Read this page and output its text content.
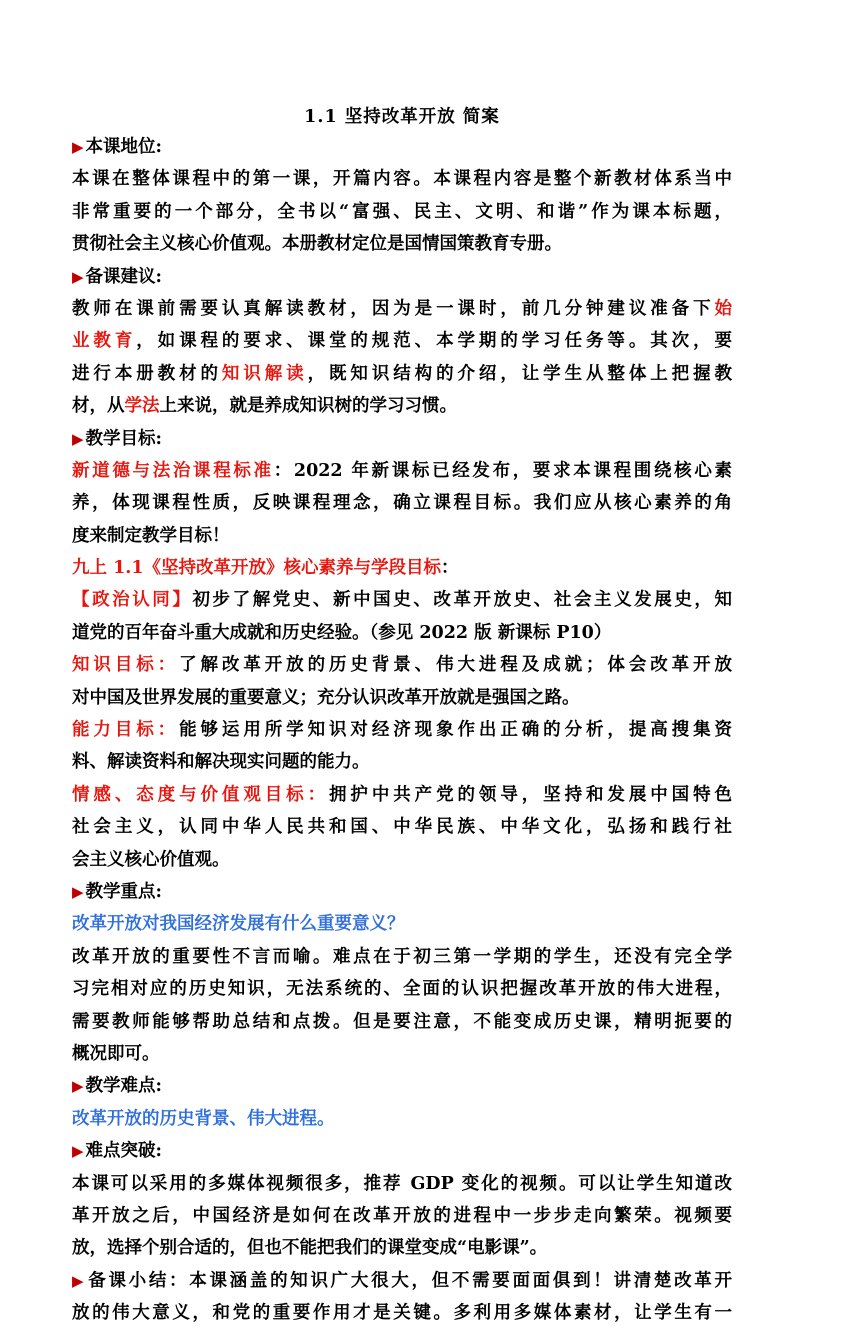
1.1 坚持改革开放 简案
▶ 本课地位:
本课在整体课程中的第一课，开篇内容。本课程内容是整个新教材体系当中
非常重要的一个部分，全书以“富强、民主、文明、和谐”作为课本标题，
贯彻社会主义核心价值观。本册教材定位是国情国策教育专册。
▶ 备课建议:
教师在课前需要认真解读教材，因为是一课时，前几分钟建议准备下始
业教育，如课程的要求、课堂的规范、本学期的学习任务等。其次，要
进行本册教材的知识解读，既知识结构的介绍，让学生从整体上把握教
材，从学法上来说，就是养成知识树的学习习惯。
▶ 教学目标:
新道德与法治课程标准：2022 年新课标已经发布，要求本课程围绕核心素
养，体现课程性质，反映课程理念，确立课程目标。我们应从核心素养的角
度来制定教学目标！
九上 1.1《坚持改革开放》核心素养与学段目标：
【政治认同】初步了解党史、新中国史、改革开放史、社会主义发展史，知
道党的百年奋斗重大成就和历史经验。（参见 2022 版 新课标 P10）
知识目标：了解改革开放的历史背景、伟大进程及成就；体会改革开放
对中国及世界发展的重要意义；充分认识改革开放就是强国之路。
能力目标：能够运用所学知识对经济现象作出正确的分析，提高搜集资
料、解读资料和解决现实问题的能力。
情感、态度与价值观目标：拥护中共产党的领导，坚持和发展中国特色
社会主义，认同中华人民共和国、中华民族、中华文化，弘扬和践行社
会主义核心价值观。
▶ 教学重点:
改革开放对我国经济发展有什么重要意义？
改革开放的重要性不言而喻。难点在于初三第一学期的学生，还没有完全学
习完相对应的历史知识，无法系统的、全面的认识把握改革开放的伟大进程，
需要教师能够帮助总结和点拨。但是要注意，不能变成历史课，精明扼要的
概况即可。
▶ 教学难点:
改革开放的历史背景、伟大进程。
▶ 难点突破:
本课可以采用的多媒体视频很多，推荐 GDP 变化的视频。可以让学生知道改
革开放之后，中国经济是如何在改革开放的进程中一步步走向繁荣。视频要
放，选择个别合适的，但也不能把我们的课堂变成“电影课”。
▶ 备课小结：本课涵盖的知识广大很大，但不需要面面俱到！讲清楚改革开
放的伟大意义，和党的重要作用才是关键。多利用多媒体素材，让学生有一
